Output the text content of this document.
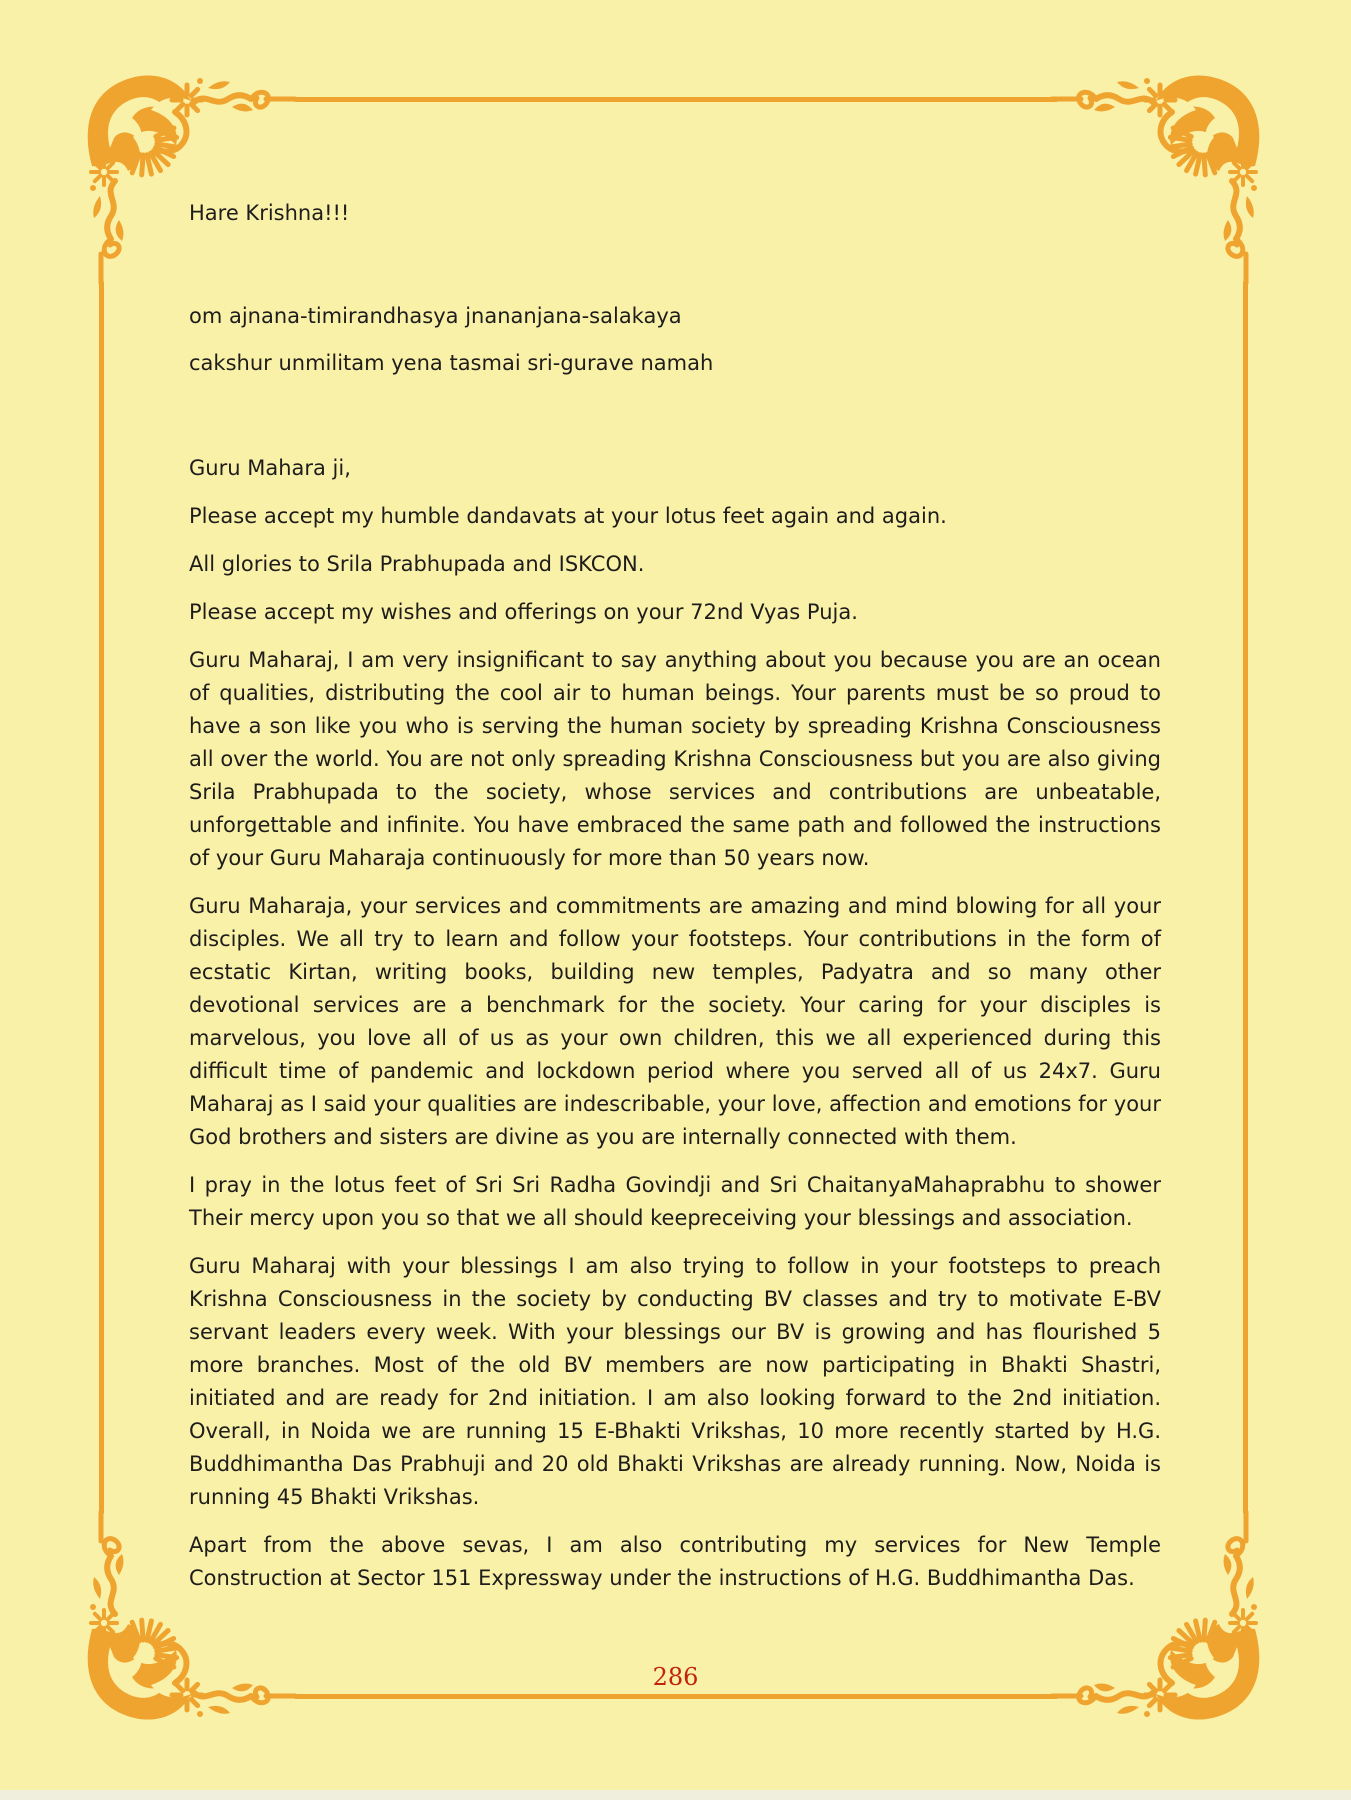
Hare Krishna!!!

om ajnana-timirandhasya jnananjana-salakaya

cakshur unmilitam yena tasmai sri-gurave namah

Guru Mahara ji,

Please accept my humble dandavats at your lotus feet again and again.

All glories to Srila Prabhupada and ISKCON.

Please accept my wishes and offerings on your 72nd Vyas Puja.

Guru Maharaj, I am very insignificant to say anything about you because you are an ocean of qualities, distributing the cool air to human beings. Your parents must be so proud to have a son like you who is serving the human society by spreading Krishna Consciousness all over the world. You are not only spreading Krishna Consciousness but you are also giving Srila Prabhupada to the society, whose services and contributions are unbeatable, unforgettable and infinite. You have embraced the same path and followed the instructions of your Guru Maharaja continuously for more than 50 years now.

Guru Maharaja, your services and commitments are amazing and mind blowing for all your disciples. We all try to learn and follow your footsteps. Your contributions in the form of ecstatic Kirtan, writing books, building new temples, Padyatra and so many other devotional services are a benchmark for the society. Your caring for your disciples is marvelous, you love all of us as your own children, this we all experienced during this difficult time of pandemic and lockdown period where you served all of us 24x7. Guru Maharaj as I said your qualities are indescribable, your love, affection and emotions for your God brothers and sisters are divine as you are internally connected with them.

I pray in the lotus feet of Sri Sri Radha Govindji and Sri ChaitanyaMahaprabhu to shower Their mercy upon you so that we all should keepreceiving your blessings and association.

Guru Maharaj with your blessings I am also trying to follow in your footsteps to preach Krishna Consciousness in the society by conducting BV classes and try to motivate E-BV servant leaders every week. With your blessings our BV is growing and has flourished 5 more branches. Most of the old BV members are now participating in Bhakti Shastri, initiated and are ready for 2nd initiation. I am also looking forward to the 2nd initiation. Overall, in Noida we are running 15 E-Bhakti Vrikshas, 10 more recently started by H.G. Buddhimantha Das Prabhuji and 20 old Bhakti Vrikshas are already running. Now, Noida is running 45 Bhakti Vrikshas.

Apart from the above sevas, I am also contributing my services for New Temple Construction at Sector 151 Expressway under the instructions of H.G. Buddhimantha Das.

286
